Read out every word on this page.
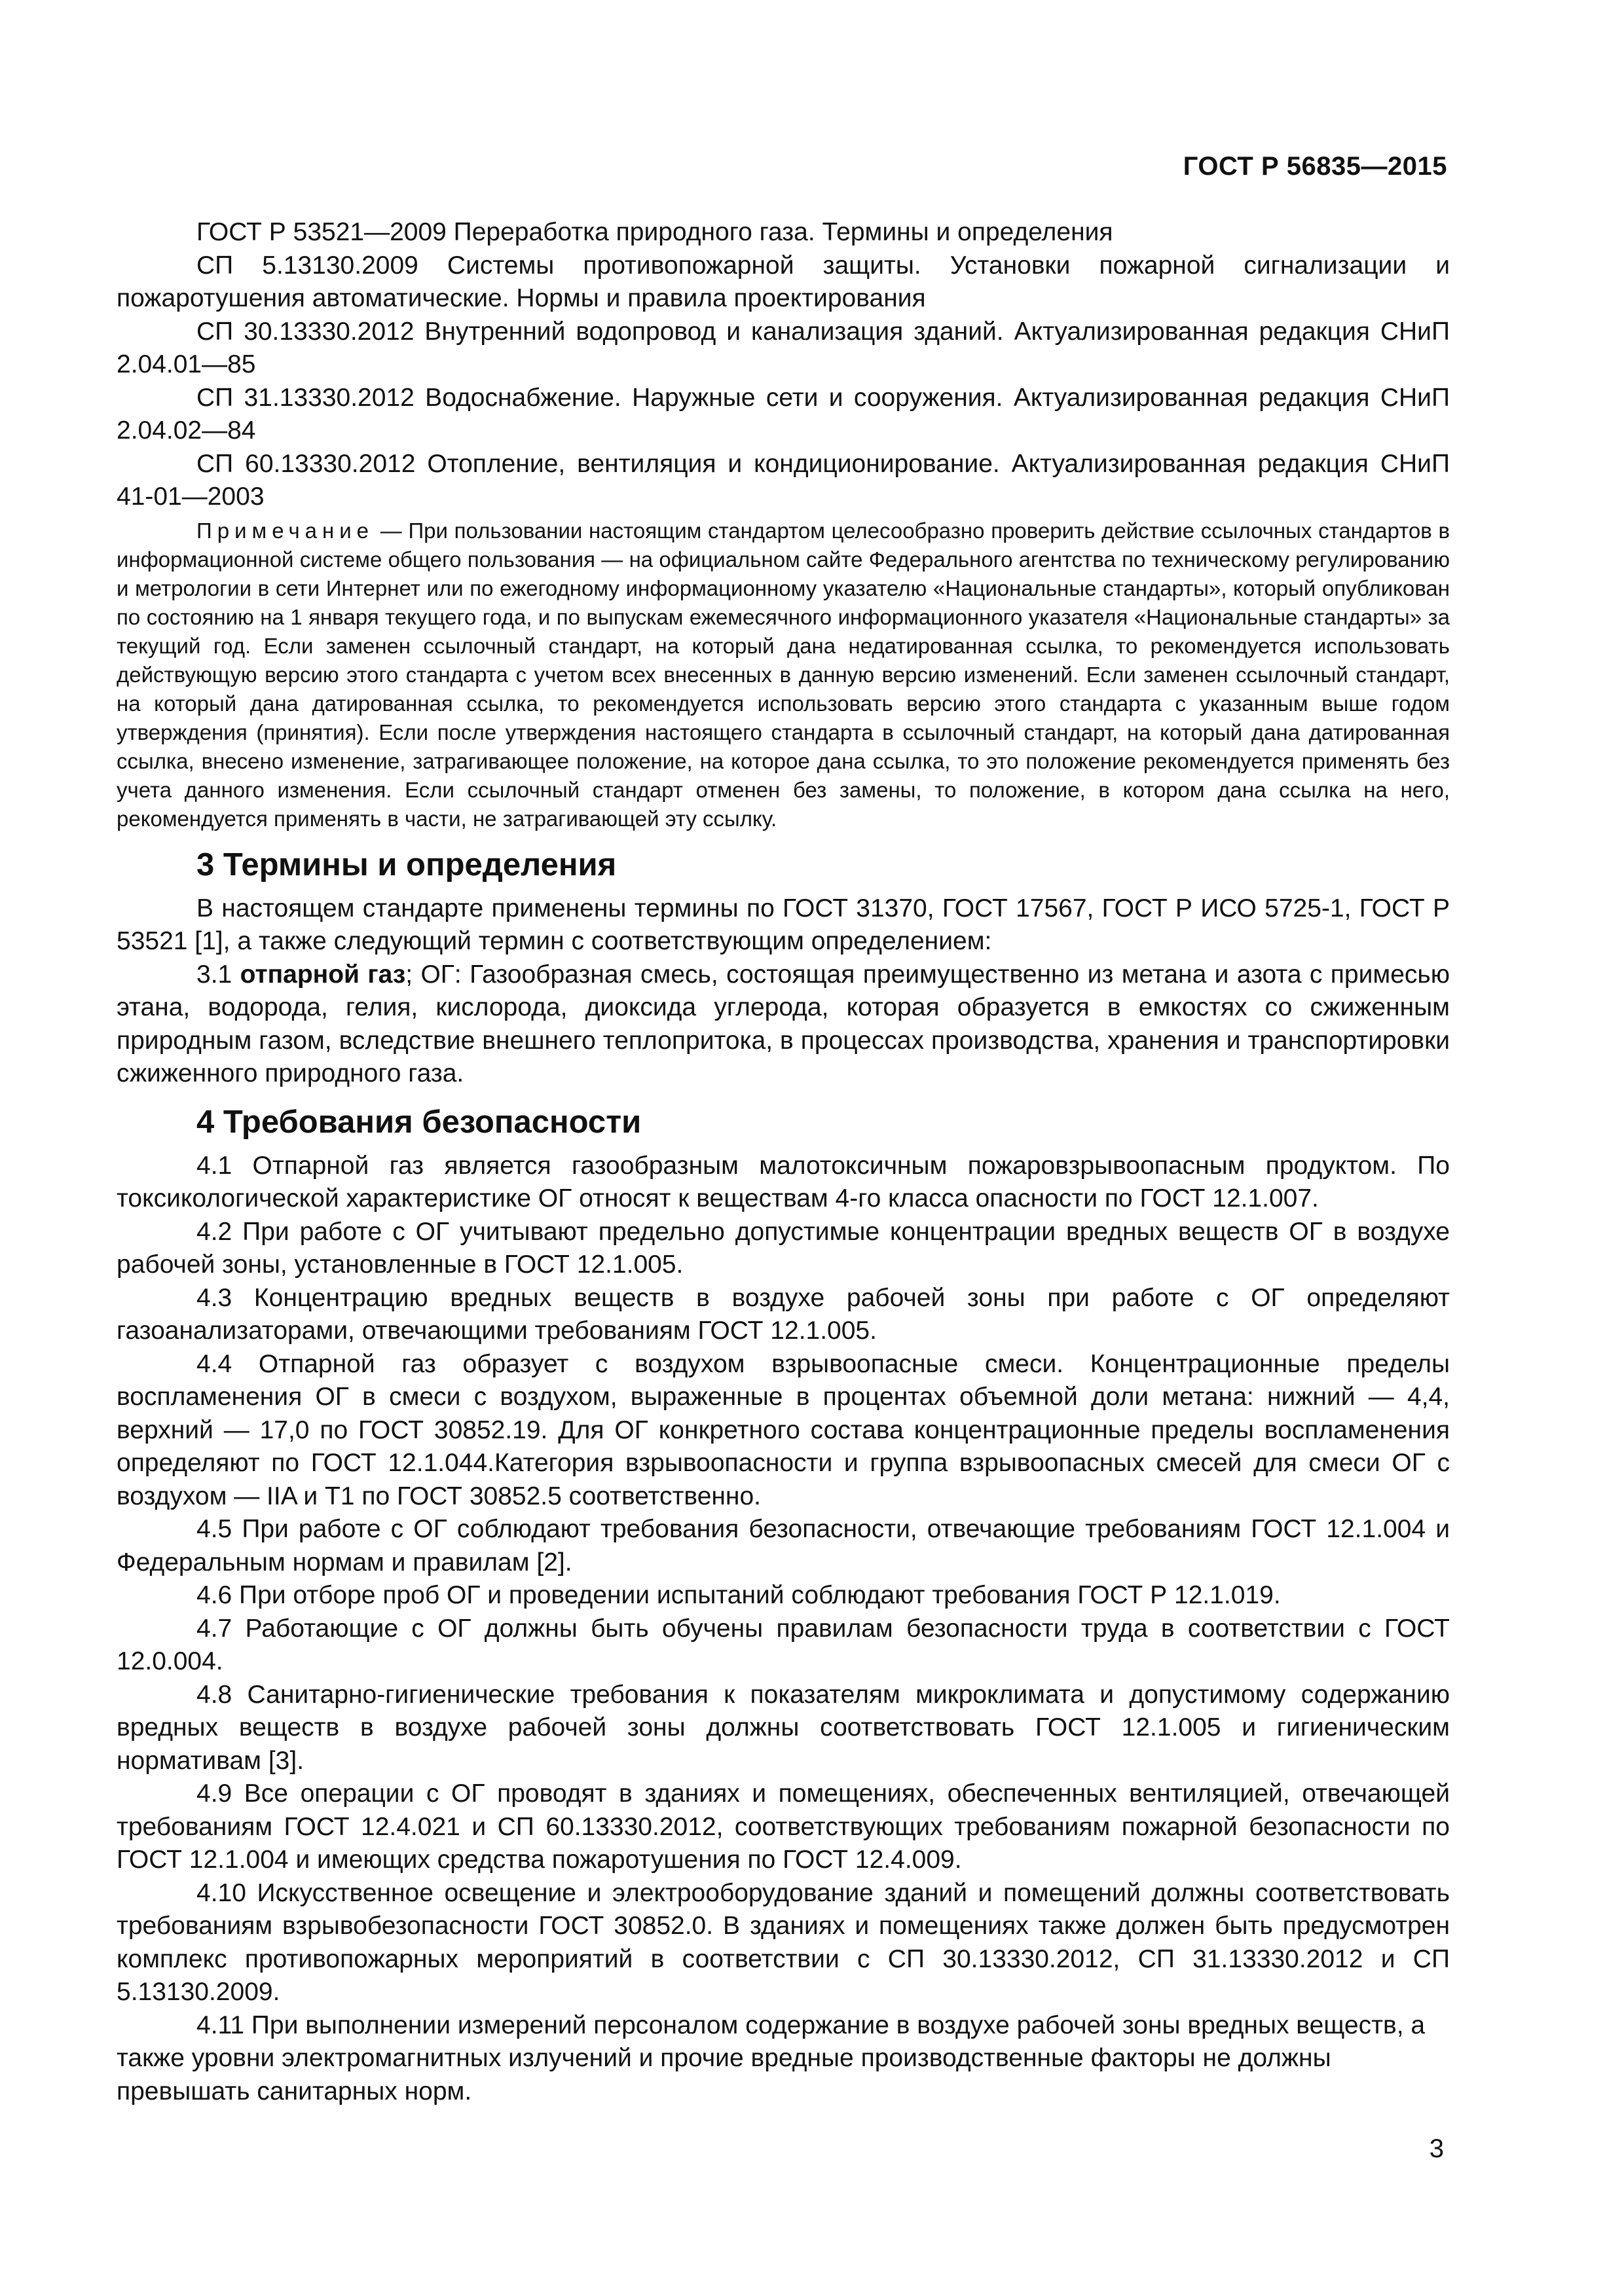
ГОСТ Р 56835—2015

ГОСТ Р 53521—2009 Переработка природного газа. Термины и определения

СП 5.13130.2009 Системы противопожарной защиты. Установки пожарной сигнализации и пожаротушения автоматические. Нормы и правила проектирования

СП 30.13330.2012 Внутренний водопровод и канализация зданий. Актуализированная редакция СНиП 2.04.01—85

СП 31.13330.2012 Водоснабжение. Наружные сети и сооружения. Актуализированная редакция СНиП 2.04.02—84

СП 60.13330.2012 Отопление, вентиляция и кондиционирование. Актуализированная редакция СНиП 41-01—2003

Примечание — При пользовании настоящим стандартом целесообразно проверить действие ссылочных стандартов в информационной системе общего пользования — на официальном сайте Федерального агентства по техническому регулированию и метрологии в сети Интернет или по ежегодному информационному указателю «Национальные стандарты», который опубликован по состоянию на 1 января текущего года, и по выпускам ежемесячного информационного указателя «Национальные стандарты» за текущий год. Если заменен ссылочный стандарт, на который дана недатированная ссылка, то рекомендуется использовать действующую версию этого стандарта с учетом всех внесенных в данную версию изменений. Если заменен ссылочный стандарт, на который дана датированная ссылка, то рекомендуется использовать версию этого стандарта с указанным выше годом утверждения (принятия). Если после утверждения настоящего стандарта в ссылочный стандарт, на который дана датированная ссылка, внесено изменение, затрагивающее положение, на которое дана ссылка, то это положение рекомендуется применять без учета данного изменения. Если ссылочный стандарт отменен без замены, то положение, в котором дана ссылка на него, рекомендуется применять в части, не затрагивающей эту ссылку.

3 Термины и определения

В настоящем стандарте применены термины по ГОСТ 31370, ГОСТ 17567, ГОСТ Р ИСО 5725-1, ГОСТ Р 53521 [1], а также следующий термин с соответствующим определением:

3.1 отпарной газ; ОГ: Газообразная смесь, состоящая преимущественно из метана и азота с примесью этана, водорода, гелия, кислорода, диоксида углерода, которая образуется в емкостях со сжиженным природным газом, вследствие внешнего теплопритока, в процессах производства, хранения и транспортировки сжиженного природного газа.

4 Требования безопасности

4.1 Отпарной газ является газообразным малотоксичным пожаровзрывоопасным продуктом. По токсикологической характеристике ОГ относят к веществам 4-го класса опасности по ГОСТ 12.1.007.

4.2 При работе с ОГ учитывают предельно допустимые концентрации вредных веществ ОГ в воздухе рабочей зоны, установленные в ГОСТ 12.1.005.

4.3 Концентрацию вредных веществ в воздухе рабочей зоны при работе с ОГ определяют газоанализаторами, отвечающими требованиям ГОСТ 12.1.005.

4.4 Отпарной газ образует с воздухом взрывоопасные смеси. Концентрационные пределы воспламенения ОГ в смеси с воздухом, выраженные в процентах объемной доли метана: нижний — 4,4, верхний — 17,0 по ГОСТ 30852.19. Для ОГ конкретного состава концентрационные пределы воспламенения определяют по ГОСТ 12.1.044.Категория взрывоопасности и группа взрывоопасных смесей для смеси ОГ с воздухом — IIA и Т1 по ГОСТ 30852.5 соответственно.

4.5 При работе с ОГ соблюдают требования безопасности, отвечающие требованиям ГОСТ 12.1.004 и Федеральным нормам и правилам [2].

4.6 При отборе проб ОГ и проведении испытаний соблюдают требования ГОСТ Р 12.1.019.

4.7 Работающие с ОГ должны быть обучены правилам безопасности труда в соответствии с ГОСТ 12.0.004.

4.8 Санитарно-гигиенические требования к показателям микроклимата и допустимому содержанию вредных веществ в воздухе рабочей зоны должны соответствовать ГОСТ 12.1.005 и гигиеническим нормативам [3].

4.9 Все операции с ОГ проводят в зданиях и помещениях, обеспеченных вентиляцией, отвечающей требованиям ГОСТ 12.4.021 и СП 60.13330.2012, соответствующих требованиям пожарной безопасности по ГОСТ 12.1.004 и имеющих средства пожаротушения по ГОСТ 12.4.009.

4.10 Искусственное освещение и электрооборудование зданий и помещений должны соответствовать требованиям взрывобезопасности ГОСТ 30852.0. В зданиях и помещениях также должен быть предусмотрен комплекс противопожарных мероприятий в соответствии с СП 30.13330.2012, СП 31.13330.2012 и СП 5.13130.2009.

4.11 При выполнении измерений персоналом содержание в воздухе рабочей зоны вредных веществ, а также уровни электромагнитных излучений и прочие вредные производственные факторы не должны превышать санитарных норм.

3
